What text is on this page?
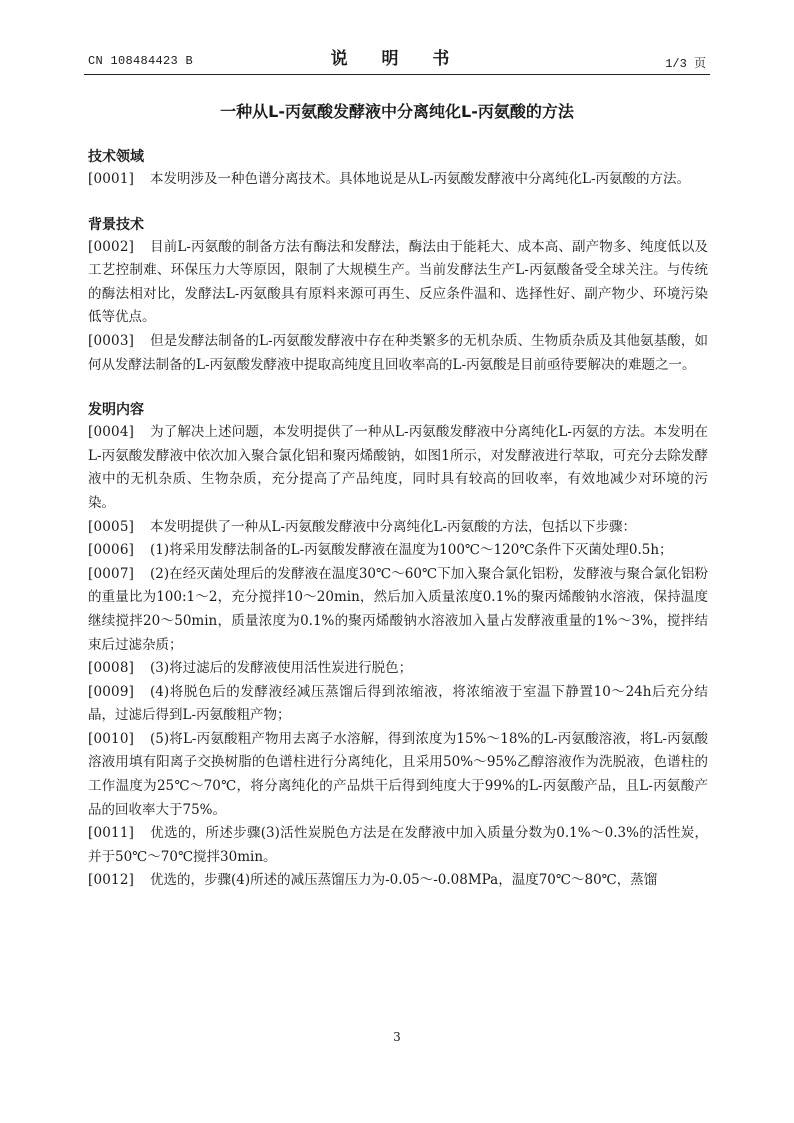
CN 108484423 B	说 明 书	1/3 页
一种从L-丙氨酸发酵液中分离纯化L-丙氨酸的方法
技术领域

[0001] 本发明涉及一种色谱分离技术。具体地说是从L-丙氨酸发酵液中分离纯化L-丙氨酸的方法。

背景技术

[0002] 目前L-丙氨酸的制备方法有酶法和发酵法，酶法由于能耗大、成本高、副产物多、纯度低以及工艺控制难、环保压力大等原因，限制了大规模生产。当前发酵法生产L-丙氨酸备受全球关注。与传统的酶法相对比，发酵法L-丙氨酸具有原料来源可再生、反应条件温和、选择性好、副产物少、环境污染低等优点。

[0003] 但是发酵法制备的L-丙氨酸发酵液中存在种类繁多的无机杂质、生物质杂质及其他氨基酸，如何从发酵法制备的L-丙氨酸发酵液中提取高纯度且回收率高的L-丙氨酸是目前亟待要解决的难题之一。

发明内容

[0004] 为了解决上述问题，本发明提供了一种从L-丙氨酸发酵液中分离纯化L-丙氨的方法。本发明在L-丙氨酸发酵液中依次加入聚合氯化铝和聚丙烯酸钠，如图1所示，对发酵液进行萃取，可充分去除发酵液中的无机杂质、生物杂质，充分提高了产品纯度，同时具有较高的回收率，有效地减少对环境的污染。

[0005] 本发明提供了一种从L-丙氨酸发酵液中分离纯化L-丙氨酸的方法，包括以下步骤：

[0006] (1)将采用发酵法制备的L-丙氨酸发酵液在温度为100℃～120℃条件下灭菌处理0.5h；

[0007] (2)在经灭菌处理后的发酵液在温度30℃～60℃下加入聚合氯化铝粉，发酵液与聚合氯化铝粉的重量比为100:1～2，充分搅拌10～20min，然后加入质量浓度0.1%的聚丙烯酸钠水溶液，保持温度继续搅拌20～50min，质量浓度为0.1%的聚丙烯酸钠水溶液加入量占发酵液重量的1%～3%，搅拌结束后过滤杂质；

[0008] (3)将过滤后的发酵液使用活性炭进行脱色；

[0009] (4)将脱色后的发酵液经减压蒸馏后得到浓缩液，将浓缩液于室温下静置10～24h后充分结晶，过滤后得到L-丙氨酸粗产物；

[0010] (5)将L-丙氨酸粗产物用去离子水溶解，得到浓度为15%～18%的L-丙氨酸溶液，将L-丙氨酸溶液用填有阳离子交换树脂的色谱柱进行分离纯化，且采用50%～95%乙醇溶液作为洗脱液，色谱柱的工作温度为25℃～70℃，将分离纯化的产品烘干后得到纯度大于99%的L-丙氨酸产品，且L-丙氨酸产品的回收率大于75%。

[0011] 优选的，所述步骤(3)活性炭脱色方法是在发酵液中加入质量分数为0.1%～0.3%的活性炭，并于50℃～70℃搅拌30min。

[0012] 优选的，步骤(4)所述的减压蒸馏压力为-0.05～-0.08MPa，温度70℃～80℃，蒸馏

3
